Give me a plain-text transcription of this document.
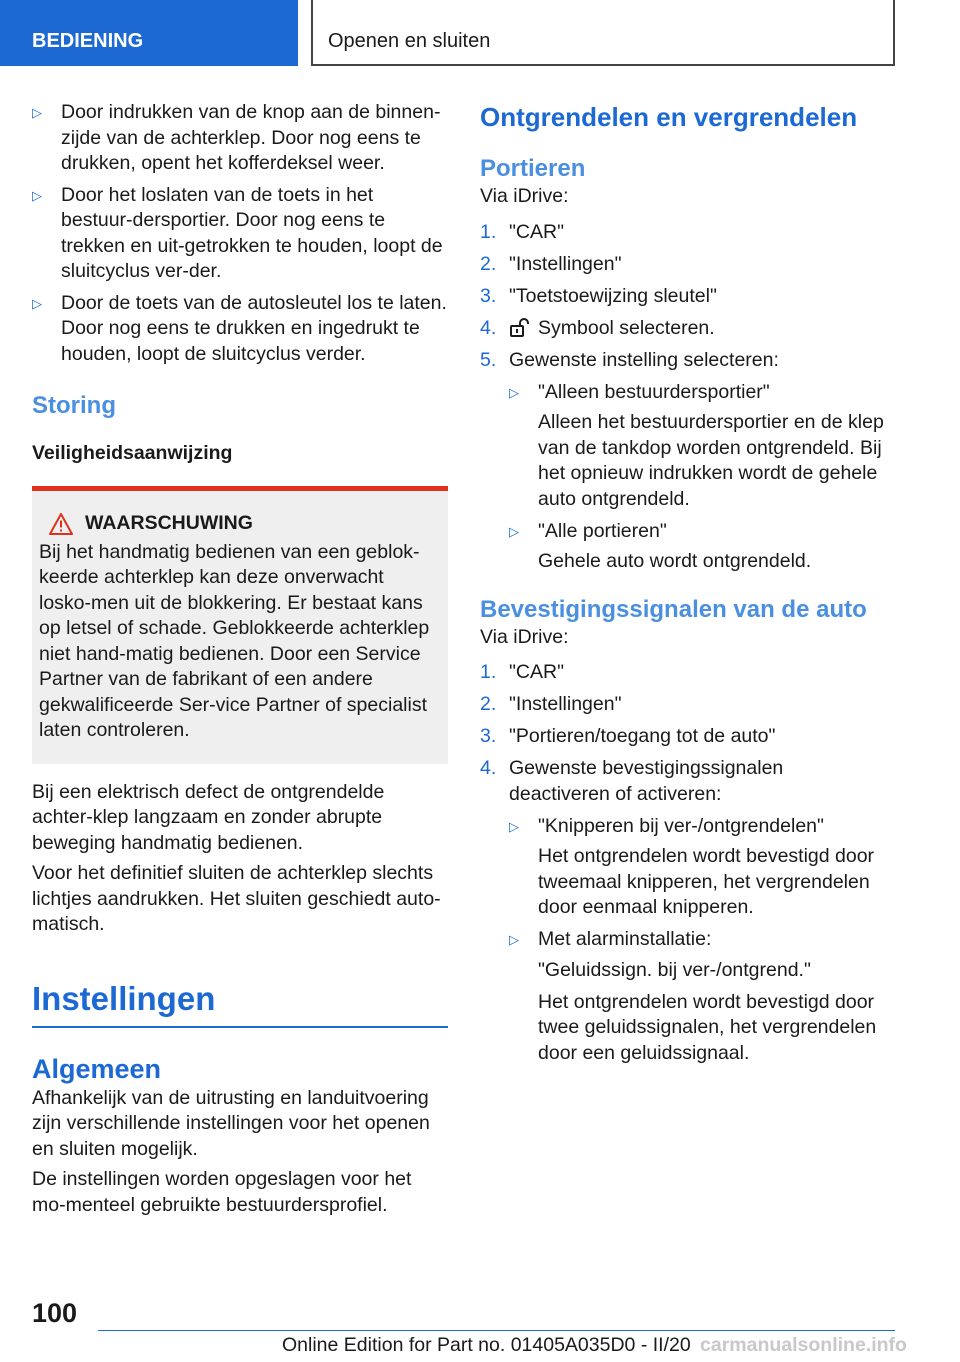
BEDIENING	Openen en sluiten
▷ Door indrukken van de knop aan de binnen-zijde van de achterklep. Door nog eens te drukken, opent het kofferdeksel weer.
▷ Door het loslaten van de toets in het bestuur-dersportier. Door nog eens te trekken en uit-getrokken te houden, loopt de sluitcyclus ver-der.
▷ Door de toets van de autosleutel los te laten. Door nog eens te drukken en ingedrukt te houden, loopt de sluitcyclus verder.
Storing
Veiligheidsaanwijzing
WAARSCHUWING
Bij het handmatig bedienen van een geblok-keerde achterklep kan deze onverwacht losko-men uit de blokkering. Er bestaat kans op letsel of schade. Geblokkeerde achterklep niet hand-matig bedienen. Door een Service Partner van de fabrikant of een andere gekwalificeerde Ser-vice Partner of specialist laten controleren.
Bij een elektrisch defect de ontgrendelde achter-klep langzaam en zonder abrupte beweging handmatig bedienen.
Voor het definitief sluiten de achterklep slechts lichtjes aandrukken. Het sluiten geschiedt auto-matisch.
Instellingen
Algemeen
Afhankelijk van de uitrusting en landuitvoering zijn verschillende instellingen voor het openen en sluiten mogelijk.
De instellingen worden opgeslagen voor het mo-menteel gebruikte bestuurdersprofiel.
Ontgrendelen en vergrendelen
Portieren
Via iDrive:
1. "CAR"
2. "Instellingen"
3. "Toetstoewijzing sleutel"
4. Symbool selecteren.
5. Gewenste instelling selecteren:
▷ "Alleen bestuurdersportier"
Alleen het bestuurdersportier en de klep van de tankdop worden ontgrendeld. Bij het opnieuw indrukken wordt de gehele auto ontgrendeld.
▷ "Alle portieren"
Gehele auto wordt ontgrendeld.
Bevestigingssignalen van de auto
Via iDrive:
1. "CAR"
2. "Instellingen"
3. "Portieren/toegang tot de auto"
4. Gewenste bevestigingssignalen deactiveren of activeren:
▷ "Knipperen bij ver-/ontgrendelen"
Het ontgrendelen wordt bevestigd door tweemaal knipperen, het vergrendelen door eenmaal knipperen.
▷ Met alarminstallatie:
"Geluidssign. bij ver-/ontgrend."
Het ontgrendelen wordt bevestigd door twee geluidssignalen, het vergrendelen door een geluidssignaal.
100
Online Edition for Part no. 01405A035D0 - II/20 carmanualsonline.info
